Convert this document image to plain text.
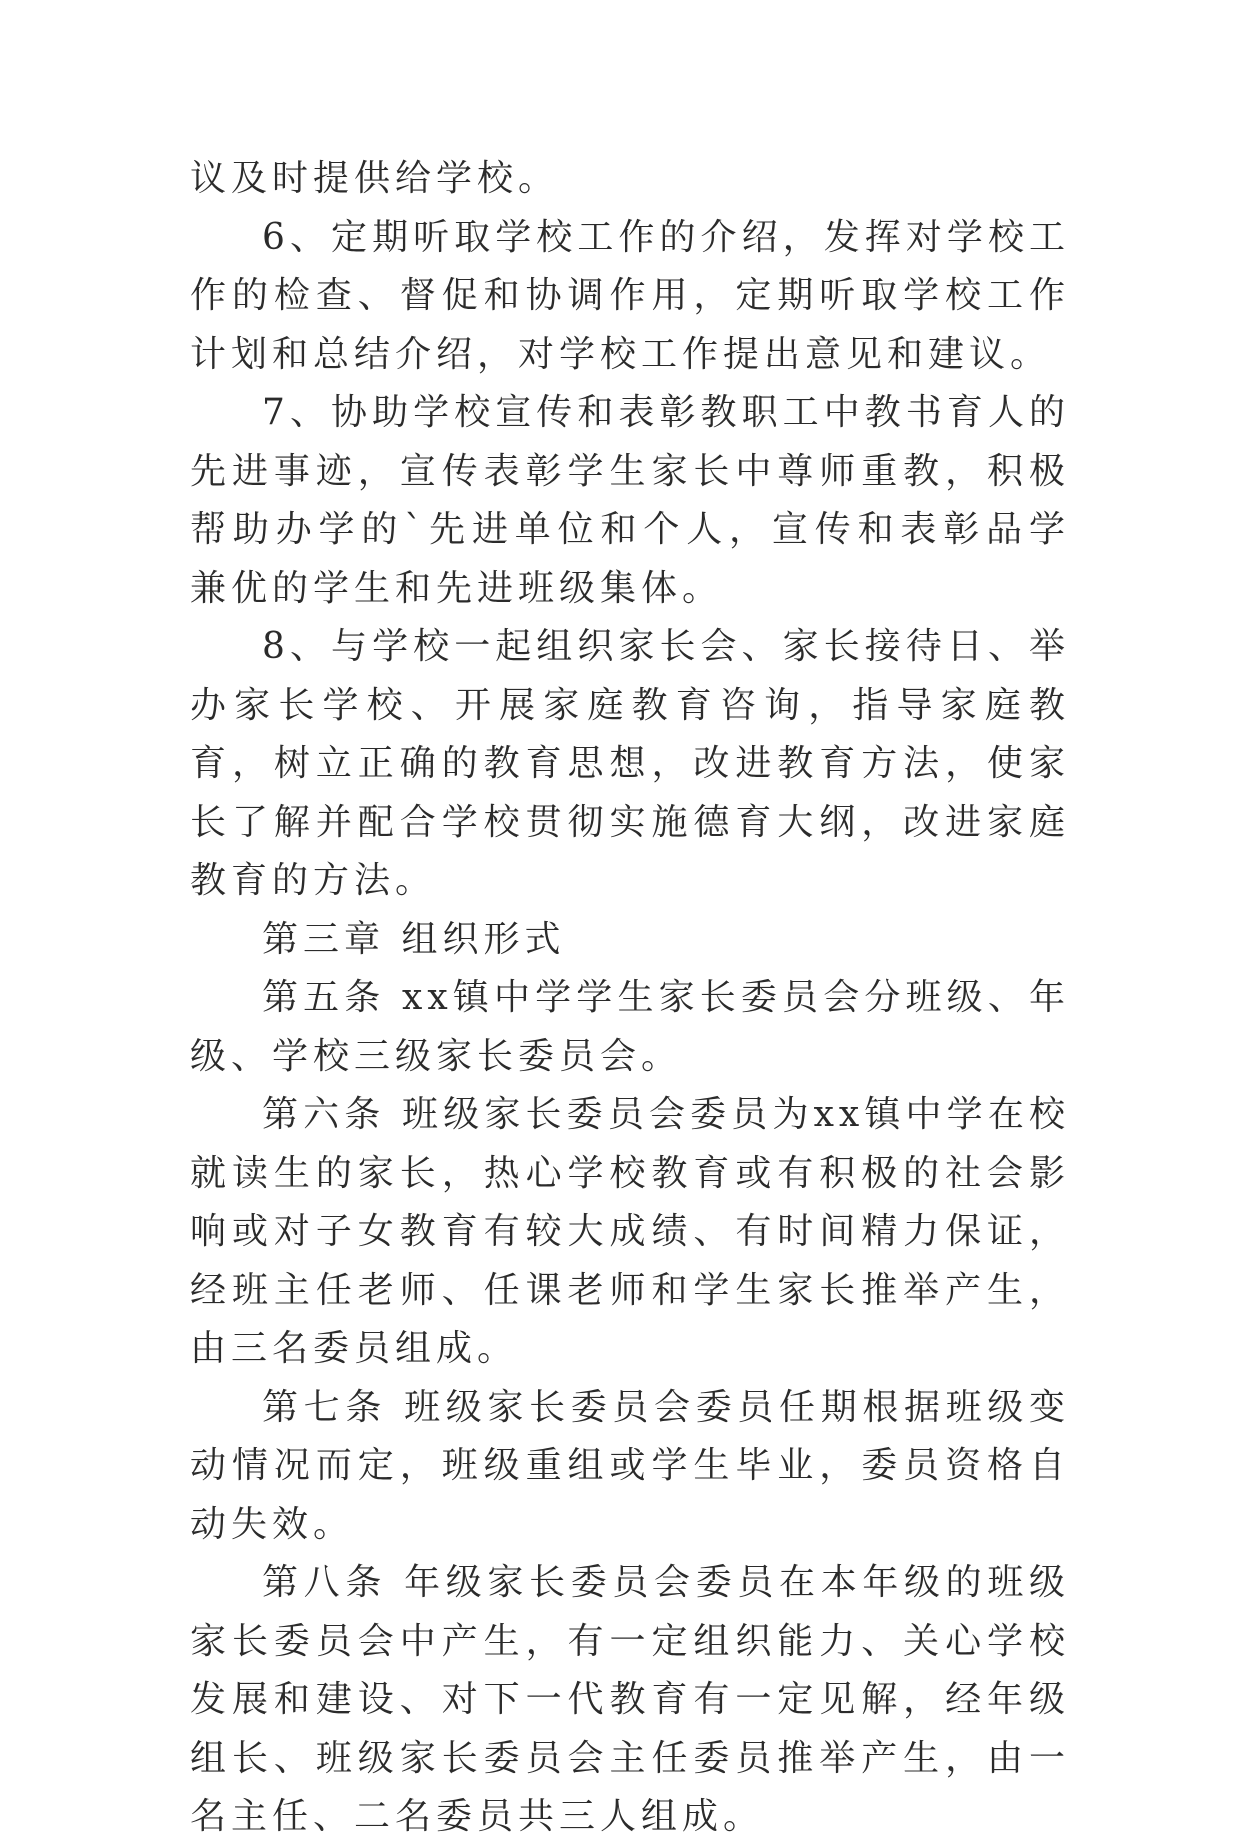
议及时提供给学校。

6、定期听取学校工作的介绍，发挥对学校工作的检查、督促和协调作用，定期听取学校工作计划和总结介绍，对学校工作提出意见和建议。

7、协助学校宣传和表彰教职工中教书育人的先进事迹，宣传表彰学生家长中尊师重教，积极帮助办学的`先进单位和个人，宣传和表彰品学兼优的学生和先进班级集体。

8、与学校一起组织家长会、家长接待日、举办家长学校、开展家庭教育咨询，指导家庭教育，树立正确的教育思想，改进教育方法，使家长了解并配合学校贯彻实施德育大纲，改进家庭教育的方法。

第三章 组织形式

第五条 xx镇中学学生家长委员会分班级、年级、学校三级家长委员会。

第六条 班级家长委员会委员为xx镇中学在校就读生的家长，热心学校教育或有积极的社会影响或对子女教育有较大成绩、有时间精力保证，经班主任老师、任课老师和学生家长推举产生，由三名委员组成。

第七条 班级家长委员会委员任期根据班级变动情况而定，班级重组或学生毕业，委员资格自动失效。

第八条 年级家长委员会委员在本年级的班级家长委员会中产生，有一定组织能力、关心学校发展和建设、对下一代教育有一定见解，经年级组长、班级家长委员会主任委员推举产生，由一名主任、二名委员共三人组成。
